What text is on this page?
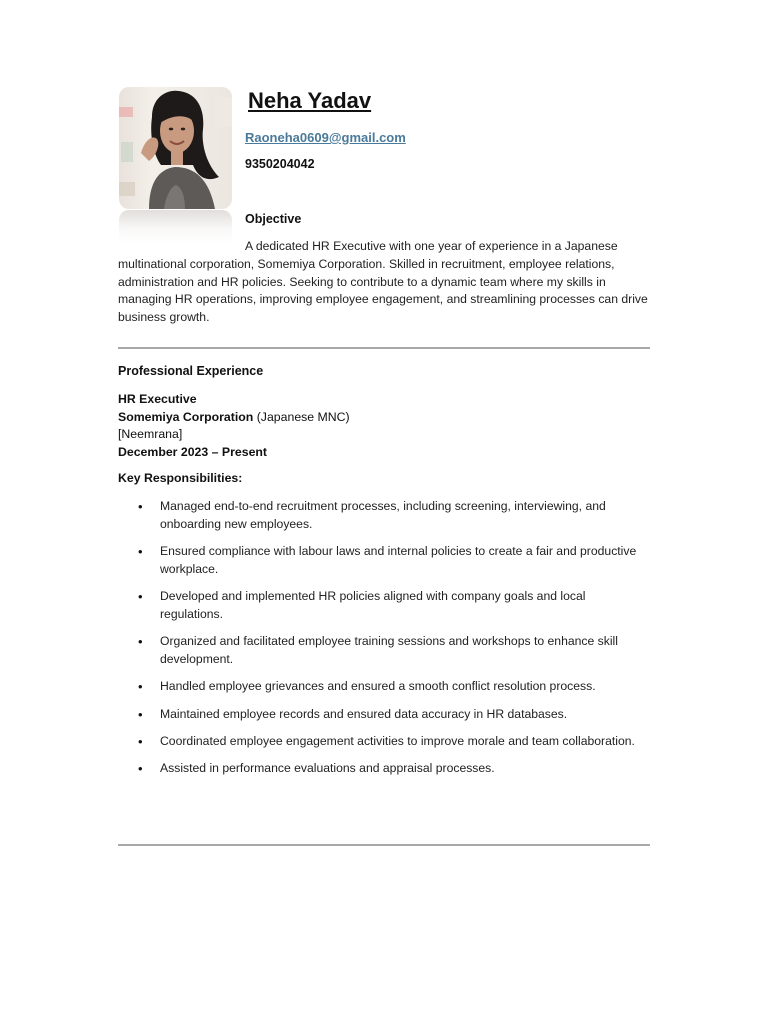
Neha Yadav
Raoneha0609@gmail.com
9350204042
Objective

A dedicated HR Executive with one year of experience in a Japanese multinational corporation, Somemiya Corporation. Skilled in recruitment, employee relations, administration and HR policies. Seeking to contribute to a dynamic team where my skills in managing HR operations, improving employee engagement, and streamlining processes can drive business growth.

Professional Experience
HR Executive
Somemiya Corporation (Japanese MNC)
[Neemrana]
December 2023 – Present
Key Responsibilities:
• Managed end-to-end recruitment processes, including screening, interviewing, and onboarding new employees.
• Ensured compliance with labour laws and internal policies to create a fair and productive workplace.
• Developed and implemented HR policies aligned with company goals and local regulations.
• Organized and facilitated employee training sessions and workshops to enhance skill development.
• Handled employee grievances and ensured a smooth conflict resolution process.
• Maintained employee records and ensured data accuracy in HR databases.
• Coordinated employee engagement activities to improve morale and team collaboration.
• Assisted in performance evaluations and appraisal processes.
